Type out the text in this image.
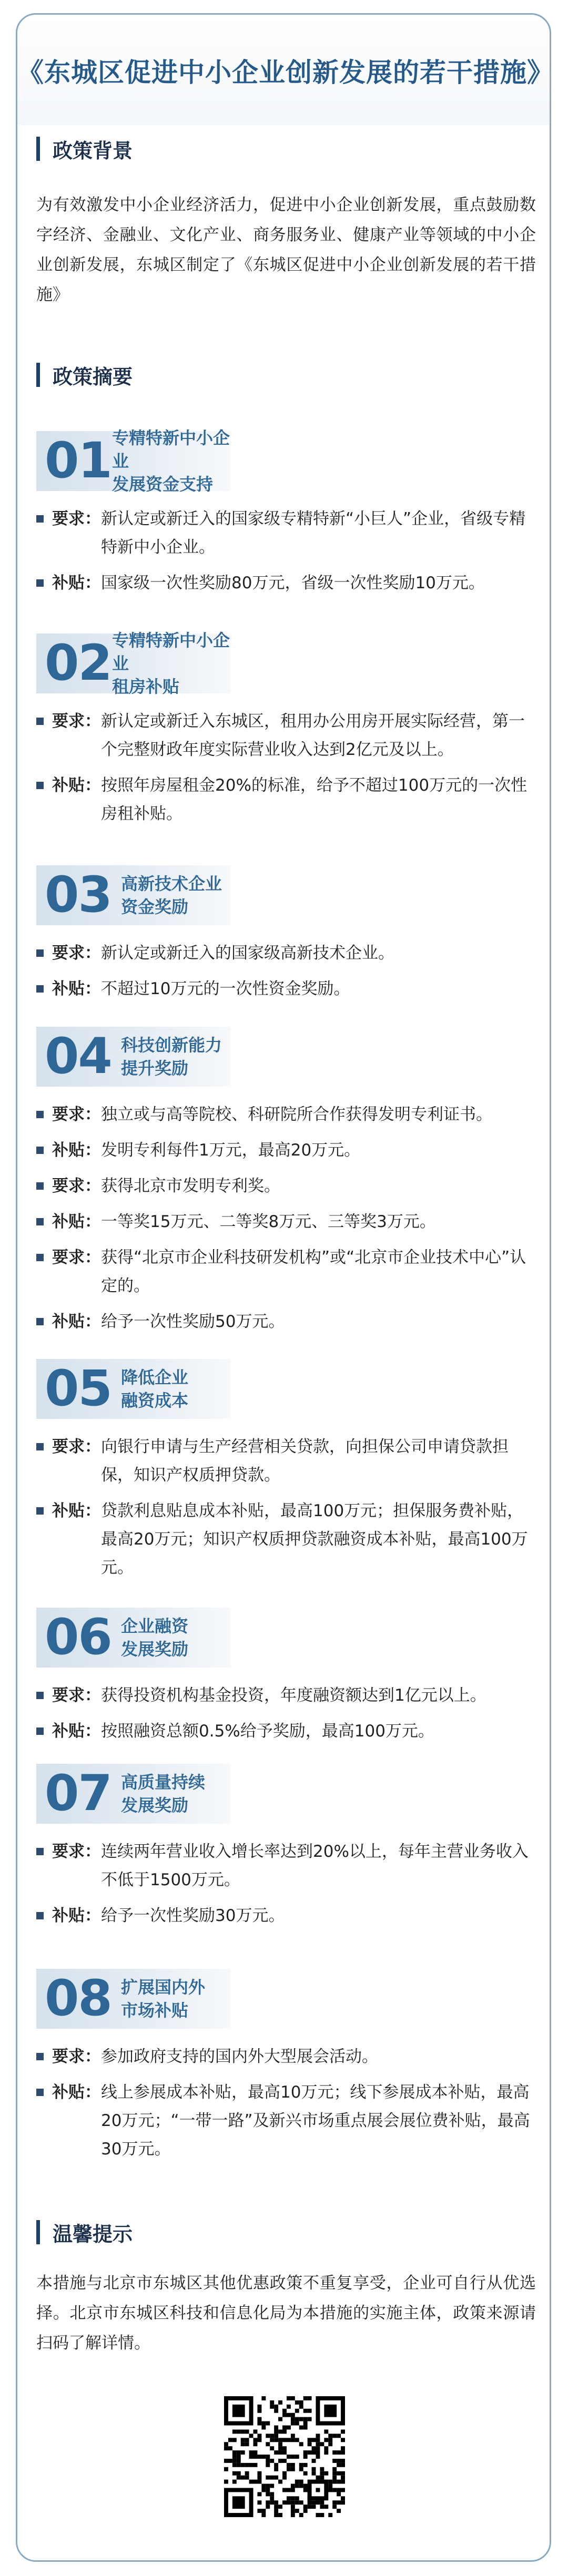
《东城区促进中小企业创新发展的若干措施》
政策背景
为有效激发中小企业经济活力，促进中小企业创新发展，重点鼓励数字经济、金融业、文化产业、商务服务业、健康产业等领域的中小企业创新发展，东城区制定了《东城区促进中小企业创新发展的若干措施》
政策摘要
01 专精特新中小企业
发展资金支持
要求： 新认定或新迁入的国家级专精特新“小巨人”企业，省级专精特新中小企业。
补贴： 国家级一次性奖励80万元，省级一次性奖励10万元。
02 专精特新中小企业
租房补贴
要求： 新认定或新迁入东城区，租用办公用房开展实际经营，第一个完整财政年度实际营业收入达到2亿元及以上。
补贴： 按照年房屋租金20%的标准，给予不超过100万元的一次性房租补贴。
03 高新技术企业
资金奖励
要求： 新认定或新迁入的国家级高新技术企业。
补贴： 不超过10万元的一次性资金奖励。
04 科技创新能力
提升奖励
要求： 独立或与高等院校、科研院所合作获得发明专利证书。
补贴： 发明专利每件1万元，最高20万元。
要求： 获得北京市发明专利奖。
补贴： 一等奖15万元、二等奖8万元、三等奖3万元。
要求： 获得“北京市企业科技研发机构”或“北京市企业技术中心”认定的。
补贴： 给予一次性奖励50万元。
05 降低企业
融资成本
要求： 向银行申请与生产经营相关贷款，向担保公司申请贷款担保，知识产权质押贷款。
补贴： 贷款利息贴息成本补贴，最高100万元；担保服务费补贴，最高20万元；知识产权质押贷款融资成本补贴，最高100万元。
06 企业融资
发展奖励
要求： 获得投资机构基金投资，年度融资额达到1亿元以上。
补贴： 按照融资总额0.5%给予奖励，最高100万元。
07 高质量持续
发展奖励
要求： 连续两年营业收入增长率达到20%以上，每年主营业务收入不低于1500万元。
补贴： 给予一次性奖励30万元。
08 扩展国内外
市场补贴
要求： 参加政府支持的国内外大型展会活动。
补贴： 线上参展成本补贴，最高10万元；线下参展成本补贴，最高20万元；“一带一路”及新兴市场重点展会展位费补贴，最高30万元。
温馨提示
本措施与北京市东城区其他优惠政策不重复享受，企业可自行从优选择。北京市东城区科技和信息化局为本措施的实施主体，政策来源请扫码了解详情。
